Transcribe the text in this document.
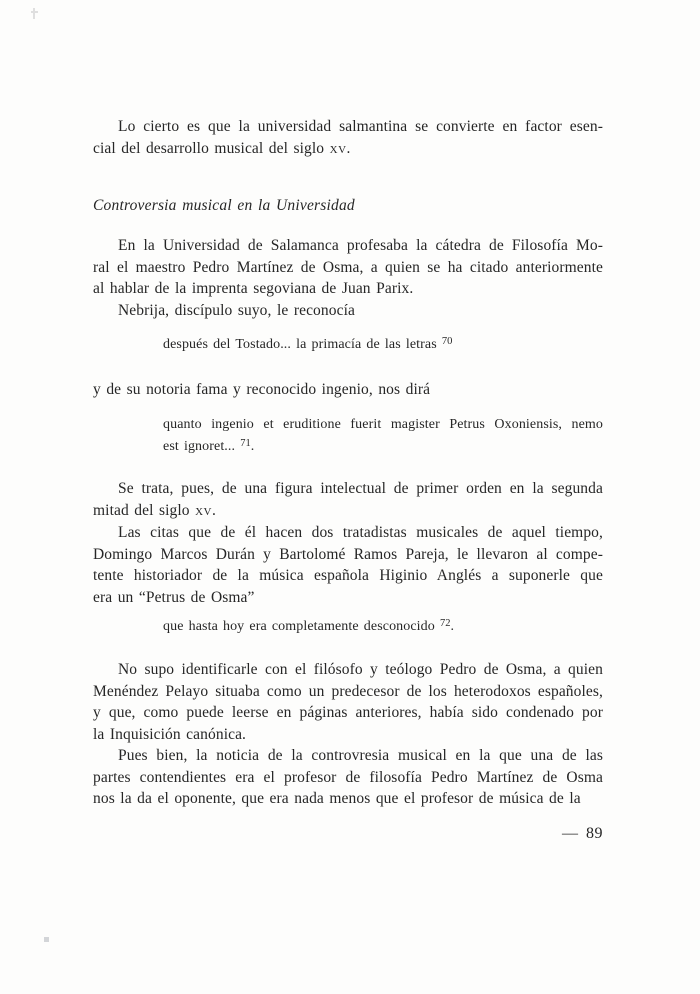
Lo cierto es que la universidad salmantina se convierte en factor esen-
cial del desarrollo musical del siglo xv.
Controversia musical en la Universidad
En la Universidad de Salamanca profesaba la cátedra de Filosofía Mo-
ral el maestro Pedro Martínez de Osma, a quien se ha citado anteriormente
al hablar de la imprenta segoviana de Juan Parix.
Nebrija, discípulo suyo, le reconocía
después del Tostado... la primacía de las letras $^{70}$
y de su notoria fama y reconocido ingenio, nos dirá
quanto ingenio et eruditione fuerit magister Petrus Oxoniensis, nemo
est ignoret... $^{71}$.
Se trata, pues, de una figura intelectual de primer orden en la segunda
mitad del siglo xv.
Las citas que de él hacen dos tratadistas musicales de aquel tiempo,
Domingo Marcos Durán y Bartolomé Ramos Pareja, le llevaron al compe-
tente historiador de la música española Higinio Anglés a suponerle que
era un “Petrus de Osma”
que hasta hoy era completamente desconocido $^{72}$.
No supo identificarle con el filósofo y teólogo Pedro de Osma, a quien
Menéndez Pelayo situaba como un predecesor de los heterodoxos españoles,
y que, como puede leerse en páginas anteriores, había sido condenado por
la Inquisición canónica.
Pues bien, la noticia de la controvresia musical en la que una de las
partes contendientes era el profesor de filosofía Pedro Martínez de Osma
nos la da el oponente, que era nada menos que el profesor de música de la
— 89
